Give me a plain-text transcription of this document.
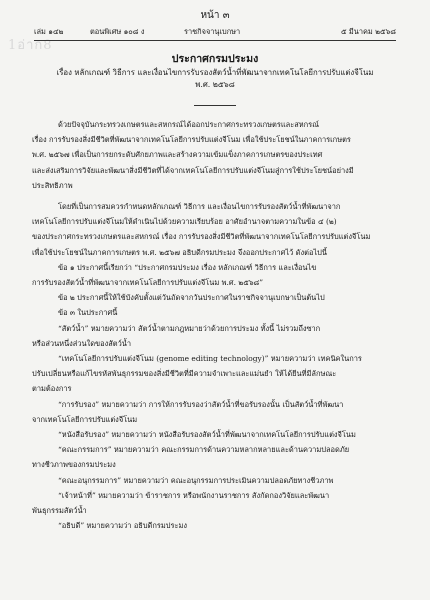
1อ่าก8
หน้า ๓
เล่ม ๑๔๒	ตอนพิเศษ ๑๐๘ ง	ราชกิจจานุเบกษา	๕ มีนาคม ๒๕๖๘
ประกาศกรมประมง
เรื่อง หลักเกณฑ์ วิธีการ และเงื่อนไขการรับรองสัตว์น้ำที่พัฒนาจากเทคโนโลยีการปรับแต่งจีโนม
พ.ศ. ๒๕๖๘

ด้วยปัจจุบันกระทรวงเกษตรและสหกรณ์ได้ออกประกาศกระทรวงเกษตรและสหกรณ์
เรื่อง การรับรองสิ่งมีชีวิตที่พัฒนาจากเทคโนโลยีการปรับแต่งจีโนม เพื่อใช้ประโยชน์ในภาคการเกษตร
พ.ศ. ๒๕๖๗ เพื่อเป็นการยกระดับศักยภาพและสร้างความเข้มแข็งภาคการเกษตรของประเทศ
และส่งเสริมการวิจัยและพัฒนาสิ่งมีชีวิตที่ได้จากเทคโนโลยีการปรับแต่งจีโนมสู่การใช้ประโยชน์อย่างมี
ประสิทธิภาพ

โดยที่เป็นการสมควรกำหนดหลักเกณฑ์ วิธีการ และเงื่อนไขการรับรองสัตว์น้ำที่พัฒนาจาก
เทคโนโลยีการปรับแต่งจีโนมให้ดำเนินไปด้วยความเรียบร้อย อาศัยอำนาจตามความในข้อ ๔ (๒)
ของประกาศกระทรวงเกษตรและสหกรณ์ เรื่อง การรับรองสิ่งมีชีวิตที่พัฒนาจากเทคโนโลยีการปรับแต่งจีโนม
เพื่อใช้ประโยชน์ในภาคการเกษตร พ.ศ. ๒๕๖๗ อธิบดีกรมประมง จึงออกประกาศไว้ ดังต่อไปนี้

ข้อ ๑ ประกาศนี้เรียกว่า “ประกาศกรมประมง เรื่อง หลักเกณฑ์ วิธีการ และเงื่อนไข
การรับรองสัตว์น้ำที่พัฒนาจากเทคโนโลยีการปรับแต่งจีโนม พ.ศ. ๒๕๖๘”

ข้อ ๒ ประกาศนี้ให้ใช้บังคับตั้งแต่วันถัดจากวันประกาศในราชกิจจานุเบกษาเป็นต้นไป

ข้อ ๓ ในประกาศนี้

“สัตว์น้ำ” หมายความว่า สัตว์น้ำตามกฎหมายว่าด้วยการประมง ทั้งนี้ ไม่รวมถึงซาก
หรือส่วนหนึ่งส่วนใดของสัตว์น้ำ

“เทคโนโลยีการปรับแต่งจีโนม (genome editing technology)” หมายความว่า เทคนิคในการ
ปรับเปลี่ยนหรือแก้ไขรหัสพันธุกรรมของสิ่งมีชีวิตที่มีความจำเพาะและแม่นยำ ให้ได้ยีนที่มีลักษณะ
ตามต้องการ

“การรับรอง” หมายความว่า การให้การรับรองว่าสัตว์น้ำที่ขอรับรองนั้น เป็นสัตว์น้ำที่พัฒนา
จากเทคโนโลยีการปรับแต่งจีโนม

“หนังสือรับรอง” หมายความว่า หนังสือรับรองสัตว์น้ำที่พัฒนาจากเทคโนโลยีการปรับแต่งจีโนม

“คณะกรรมการ” หมายความว่า คณะกรรมการด้านความหลากหลายและด้านความปลอดภัย
ทางชีวภาพของกรมประมง

“คณะอนุกรรมการ” หมายความว่า คณะอนุกรรมการประเมินความปลอดภัยทางชีวภาพ

“เจ้าหน้าที่” หมายความว่า ข้าราชการ หรือพนักงานราชการ สังกัดกองวิจัยและพัฒนา
พันธุกรรมสัตว์น้ำ

“อธิบดี” หมายความว่า อธิบดีกรมประมง
